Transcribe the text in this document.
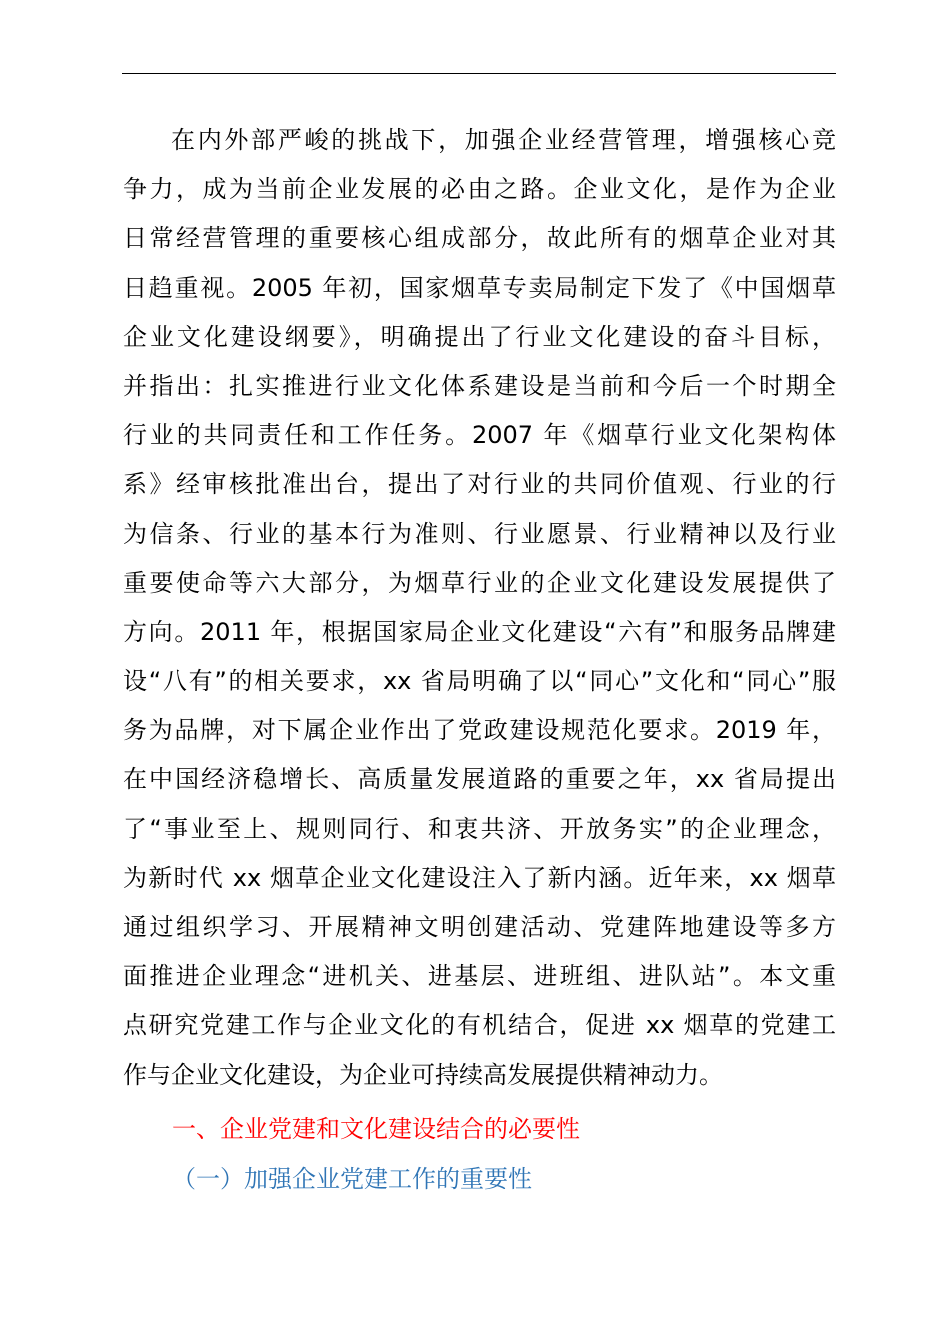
在内外部严峻的挑战下，加强企业经营管理，增强核心竞
争力，成为当前企业发展的必由之路。企业文化，是作为企业
日常经营管理的重要核心组成部分，故此所有的烟草企业对其
日趋重视。2005 年初，国家烟草专卖局制定下发了《中国烟草
企业文化建设纲要》，明确提出了行业文化建设的奋斗目标，
并指出：扎实推进行业文化体系建设是当前和今后一个时期全
行业的共同责任和工作任务。2007 年《烟草行业文化架构体
系》经审核批准出台，提出了对行业的共同价值观、行业的行
为信条、行业的基本行为准则、行业愿景、行业精神以及行业
重要使命等六大部分，为烟草行业的企业文化建设发展提供了
方向。2011 年，根据国家局企业文化建设“六有”和服务品牌建
设“八有”的相关要求，xx 省局明确了以“同心”文化和“同心”服
务为品牌，对下属企业作出了党政建设规范化要求。2019 年，
在中国经济稳增长、高质量发展道路的重要之年，xx 省局提出
了“事业至上、规则同行、和衷共济、开放务实”的企业理念，
为新时代 xx 烟草企业文化建设注入了新内涵。近年来，xx 烟草
通过组织学习、开展精神文明创建活动、党建阵地建设等多方
面推进企业理念“进机关、进基层、进班组、进队站”。本文重
点研究党建工作与企业文化的有机结合，促进 xx 烟草的党建工
作与企业文化建设，为企业可持续高发展提供精神动力。

一、企业党建和文化建设结合的必要性
（一）加强企业党建工作的重要性
